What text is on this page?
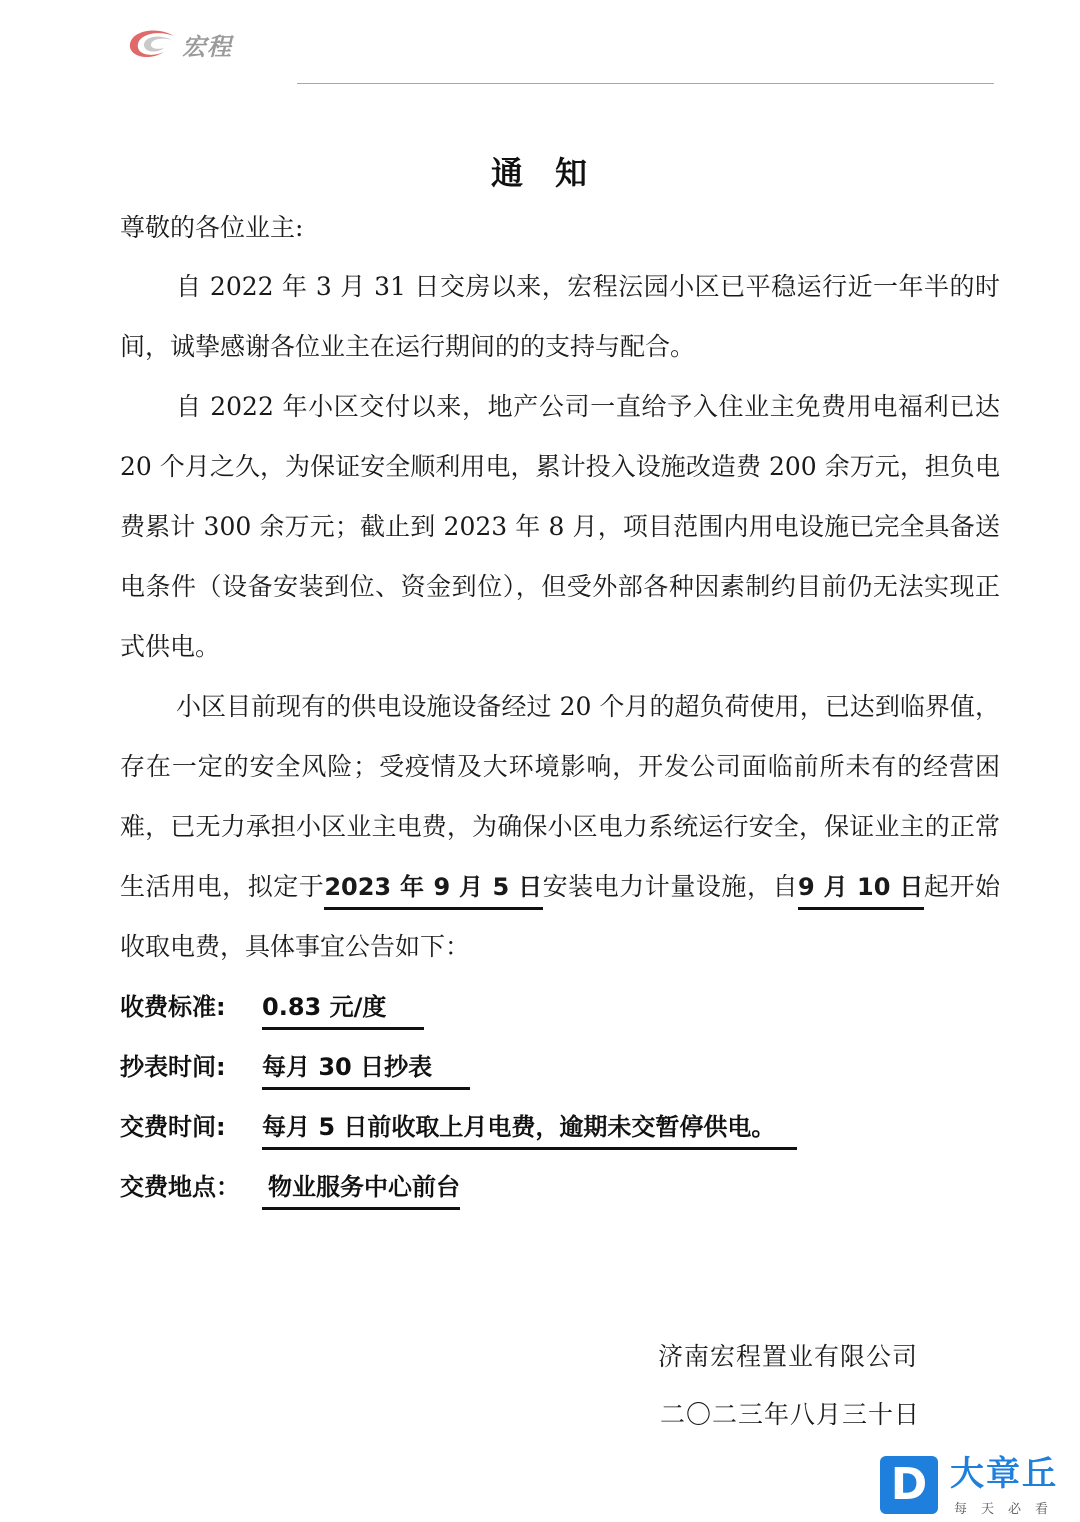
宏程
通知
尊敬的各位业主:
自 2022 年 3 月 31 日交房以来，宏程沄园小区已平稳运行近一年半的时间，诚挚感谢各位业主在运行期间的的支持与配合。
自 2022 年小区交付以来，地产公司一直给予入住业主免费用电福利已达 20 个月之久，为保证安全顺利用电，累计投入设施改造费 200 余万元，担负电费累计 300 余万元；截止到 2023 年 8 月，项目范围内用电设施已完全具备送电条件（设备安装到位、资金到位），但受外部各种因素制约目前仍无法实现正式供电。
小区目前现有的供电设施设备经过 20 个月的超负荷使用，已达到临界值，存在一定的安全风险；受疫情及大环境影响，开发公司面临前所未有的经营困难，已无力承担小区业主电费，为确保小区电力系统运行安全，保证业主的正常生活用电，拟定于2023 年 9 月 5 日安装电力计量设施，自9 月 10 日起开始收取电费，具体事宜公告如下：
收费标准:	0.83 元/度
抄表时间:	每月 30 日抄表
交费时间:	每月 5 日前收取上月电费，逾期未交暂停供电。
交费地点：	物业服务中心前台
济南宏程置业有限公司
二〇二三年八月三十日
D 大章丘
每天必看
